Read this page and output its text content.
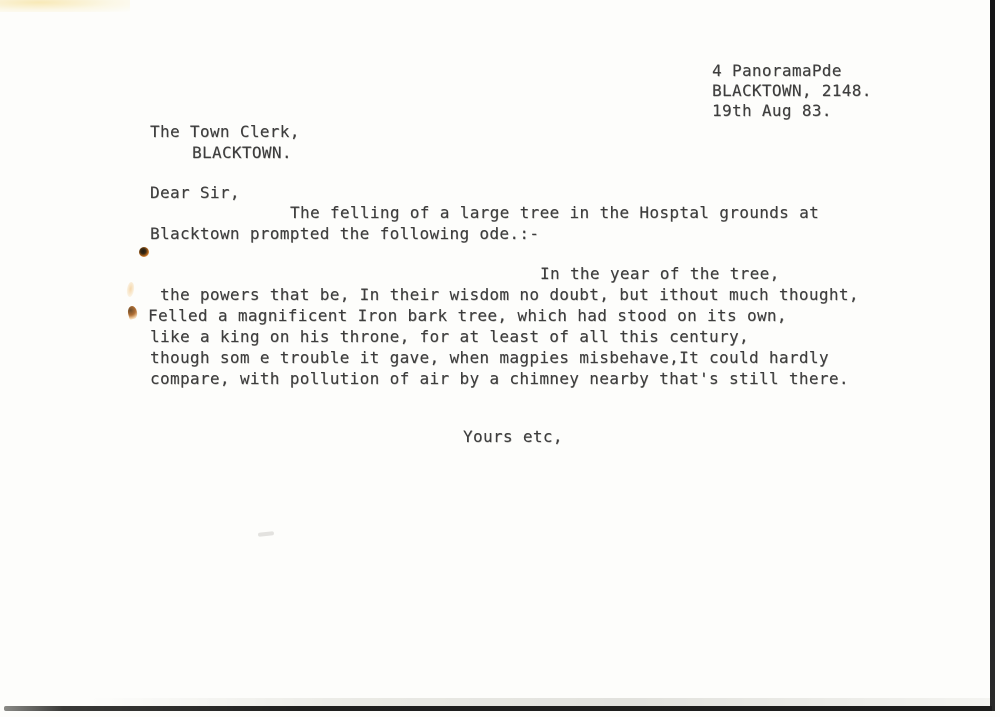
4 PanoramaPde
BLACKTOWN, 2148.
19th Aug 83.
The Town Clerk,
BLACKTOWN.
Dear Sir,
The felling of a large tree in the Hosptal grounds at
Blacktown prompted the following ode.:-
In the year of the tree,
the powers that be, In their wisdom no doubt, but ithout much thought,
Felled a magnificent Iron bark tree, which had stood on its own,
like a king on his throne, for at least of all this century,
though som e trouble it gave, when magpies misbehave,It could hardly
compare, with pollution of air by a chimney nearby that's still there.
Yours etc,
